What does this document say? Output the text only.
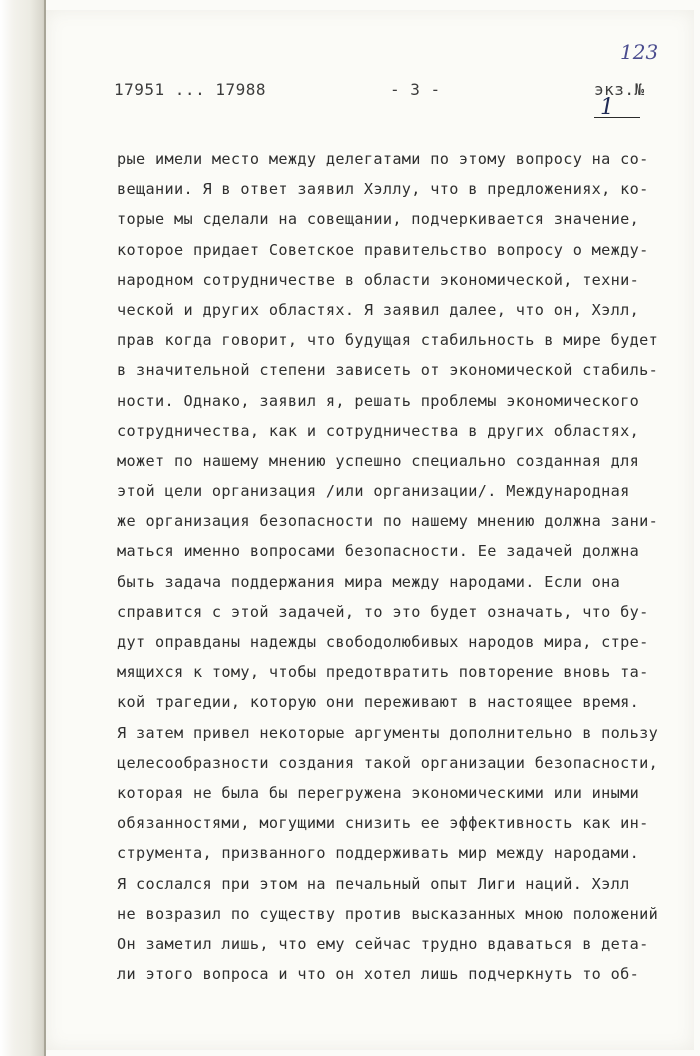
123
17951 ... 17988	- 3 -	экз.№1
рые имели место между делегатами по этому вопросу на со-
вещании. Я в ответ заявил Хэллу, что в предложениях, ко-
торые мы сделали на совещании, подчеркивается значение,
которое придает Советское правительство вопросу о между-
народном сотрудничестве в области экономической, техни-
ческой и других областях. Я заявил далее, что он, Хэлл,
прав когда говорит, что будущая стабильность в мире будет
в значительной степени зависеть от экономической стабиль-
ности. Однако, заявил я, решать проблемы экономического
сотрудничества, как и сотрудничества в других областях,
может по нашему мнению успешно специально созданная для
этой цели организация /или организации/. Международная
же организация безопасности по нашему мнению должна зани-
маться именно вопросами безопасности. Ее задачей должна
быть задача поддержания мира между народами. Если она
справится с этой задачей, то это будет означать, что бу-
дут оправданы надежды свободолюбивых народов мира, стре-
мящихся к тому, чтобы предотвратить повторение вновь та-
кой трагедии, которую они переживают в настоящее время.
Я затем привел некоторые аргументы дополнительно в пользу
целесообразности создания такой организации безопасности,
которая не была бы перегружена экономическими или иными
обязанностями, могущими снизить ее эффективность как ин-
струмента, призванного поддерживать мир между народами.
Я сослался при этом на печальный опыт Лиги наций. Хэлл
не возразил по существу против высказанных мною положений
Он заметил лишь, что ему сейчас трудно вдаваться в дета-
ли этого вопроса и что он хотел лишь подчеркнуть то об-
